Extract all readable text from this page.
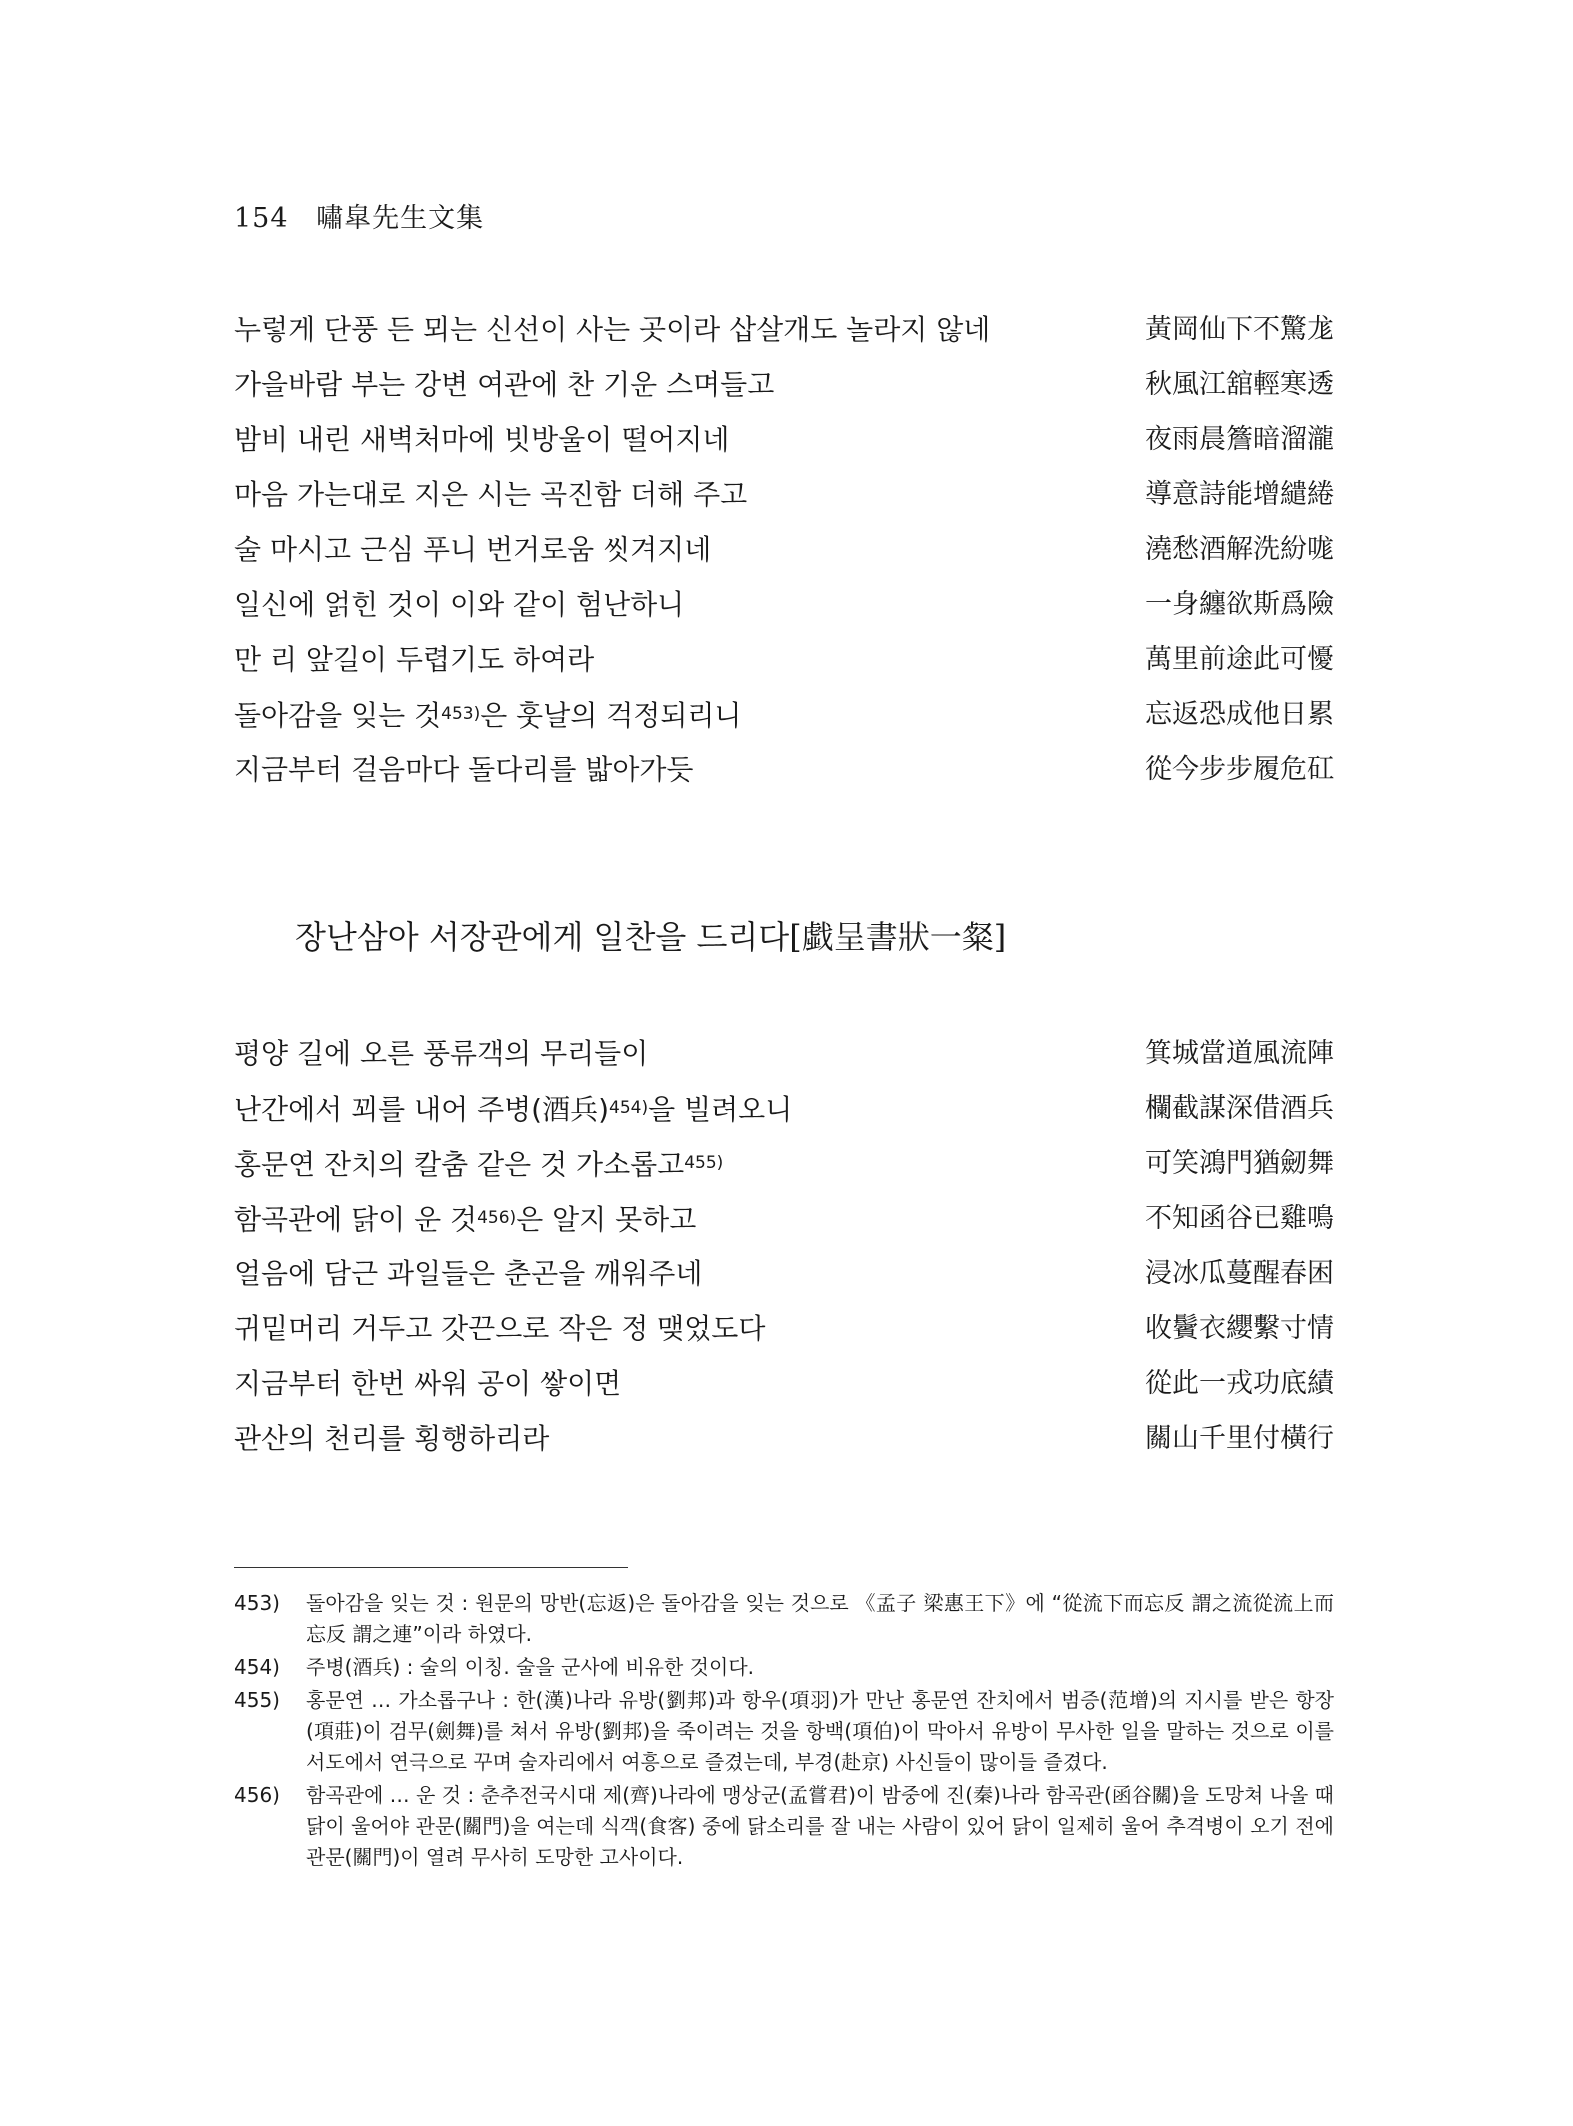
154 嘯皐先生文集
누렇게 단풍 든 뫼는 신선이 사는 곳이라 삽살개도 놀라지 않네	黃岡仙下不驚尨
가을바람 부는 강변 여관에 찬 기운 스며들고	秋風江舘輕寒透
밤비 내린 새벽처마에 빗방울이 떨어지네	夜雨晨簷暗溜瀧
마음 가는대로 지은 시는 곡진함 더해 주고	導意詩能增繾綣
술 마시고 근심 푸니 번거로움 씻겨지네	澆愁酒解洗紛哤
일신에 얽힌 것이 이와 같이 험난하니	一身纏欲斯爲險
만 리 앞길이 두렵기도 하여라	萬里前途此可懮
돌아감을 잊는 것$^{453)}$은 훗날의 걱정되리니	忘返恐成他日累
지금부터 걸음마다 돌다리를 밟아가듯	從今步步履危矼
장난삼아 서장관에게 일찬을 드리다[戱呈書狀一粲]
평양 길에 오른 풍류객의 무리들이	箕城當道風流陣
난간에서 꾀를 내어 주병(酒兵)$^{454)}$을 빌려오니	欄截謀深借酒兵
홍문연 잔치의 칼춤 같은 것 가소롭고$^{455)}$	可笑鴻門猶劒舞
함곡관에 닭이 운 것$^{456)}$은 알지 못하고	不知函谷已雞鳴
얼음에 담근 과일들은 춘곤을 깨워주네	浸冰瓜蔓醒春困
귀밑머리 거두고 갓끈으로 작은 정 맺었도다	收鬢衣纓繫寸情
지금부터 한번 싸워 공이 쌓이면	從此一戎功底績
관산의 천리를 횡행하리라	關山千里付橫行
453)	돌아감을 잊는 것 : 원문의 망반(忘返)은 돌아감을 잊는 것으로 《孟子 梁惠王下》에 “從流下而忘反 謂之流從流上而忘反 謂之連”이라 하였다.
454)	주병(酒兵) : 술의 이칭. 술을 군사에 비유한 것이다.
455)	홍문연 … 가소롭구나 : 한(漢)나라 유방(劉邦)과 항우(項羽)가 만난 홍문연 잔치에서 범증(范增)의 지시를 받은 항장(項莊)이 검무(劍舞)를 쳐서 유방(劉邦)을 죽이려는 것을 항백(項伯)이 막아서 유방이 무사한 일을 말하는 것으로 이를 서도에서 연극으로 꾸며 술자리에서 여흥으로 즐겼는데, 부경(赴京) 사신들이 많이들 즐겼다.
456)	함곡관에 … 운 것 : 춘추전국시대 제(齊)나라에 맹상군(孟嘗君)이 밤중에 진(秦)나라 함곡관(函谷關)을 도망쳐 나올 때 닭이 울어야 관문(關門)을 여는데 식객(食客) 중에 닭소리를 잘 내는 사람이 있어 닭이 일제히 울어 추격병이 오기 전에 관문(關門)이 열려 무사히 도망한 고사이다.
